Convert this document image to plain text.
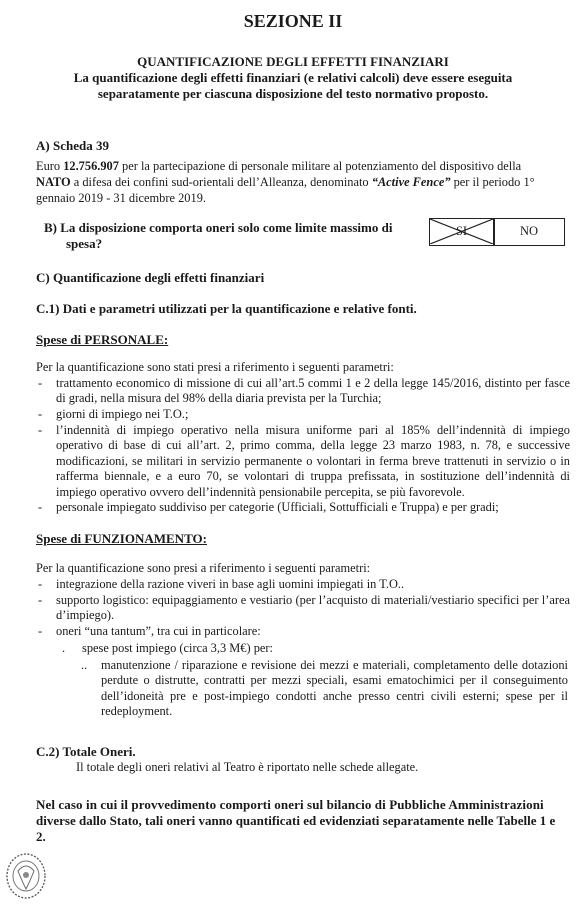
SEZIONE II
QUANTIFICAZIONE DEGLI EFFETTI FINANZIARI
La quantificazione degli effetti finanziari (e relativi calcoli) deve essere eseguita
separatamente per ciascuna disposizione del testo normativo proposto.
A) Scheda 39
Euro 12.756.907 per la partecipazione di personale militare al potenziamento del dispositivo della
NATO a difesa dei confini sud-orientali dell’Alleanza, denominato “Active Fence” per il periodo 1°
gennaio 2019 - 31 dicembre 2019.
B) La disposizione comporta oneri solo come limite massimo di
spesa?
SI	NO
C) Quantificazione degli effetti finanziari
C.1) Dati e parametri utilizzati per la quantificazione e relative fonti.
Spese di PERSONALE:
Per la quantificazione sono stati presi a riferimento i seguenti parametri:
- trattamento economico di missione di cui all’art.5 commi 1 e 2 della legge 145/2016, distinto per fasce di gradi, nella misura del 98% della diaria prevista per la Turchia;
- giorni di impiego nei T.O.;
- l’indennità di impiego operativo nella misura uniforme pari al 185% dell’indennità di impiego operativo di base di cui all’art. 2, primo comma, della legge 23 marzo 1983, n. 78, e successive modificazioni, se militari in servizio permanente o volontari in ferma breve trattenuti in servizio o in rafferma biennale, e a euro 70, se volontari di truppa prefissata, in sostituzione dell’indennità di impiego operativo ovvero dell’indennità pensionabile percepita, se più favorevole.
- personale impiegato suddiviso per categorie (Ufficiali, Sottufficiali e Truppa) e per gradi;
Spese di FUNZIONAMENTO:
Per la quantificazione sono presi a riferimento i seguenti parametri:
- integrazione della razione viveri in base agli uomini impiegati in T.O..
- supporto logistico: equipaggiamento e vestiario (per l’acquisto di materiali/vestiario specifici per l’area d’impiego).
- oneri “una tantum”, tra cui in particolare:
. spese post impiego (circa 3,3 M€) per:
.. manutenzione / riparazione e revisione dei mezzi e materiali, completamento delle dotazioni perdute o distrutte, contratti per mezzi speciali, esami ematochimici per il conseguimento dell’idoneità pre e post-impiego condotti anche presso centri civili esterni; spese per il redeployment.
C.2) Totale Oneri.
Il totale degli oneri relativi al Teatro è riportato nelle schede allegate.
Nel caso in cui il provvedimento comporti oneri sul bilancio di Pubbliche Amministrazioni
diverse dallo Stato, tali oneri vanno quantificati ed evidenziati separatamente nelle Tabelle 1 e
2.
